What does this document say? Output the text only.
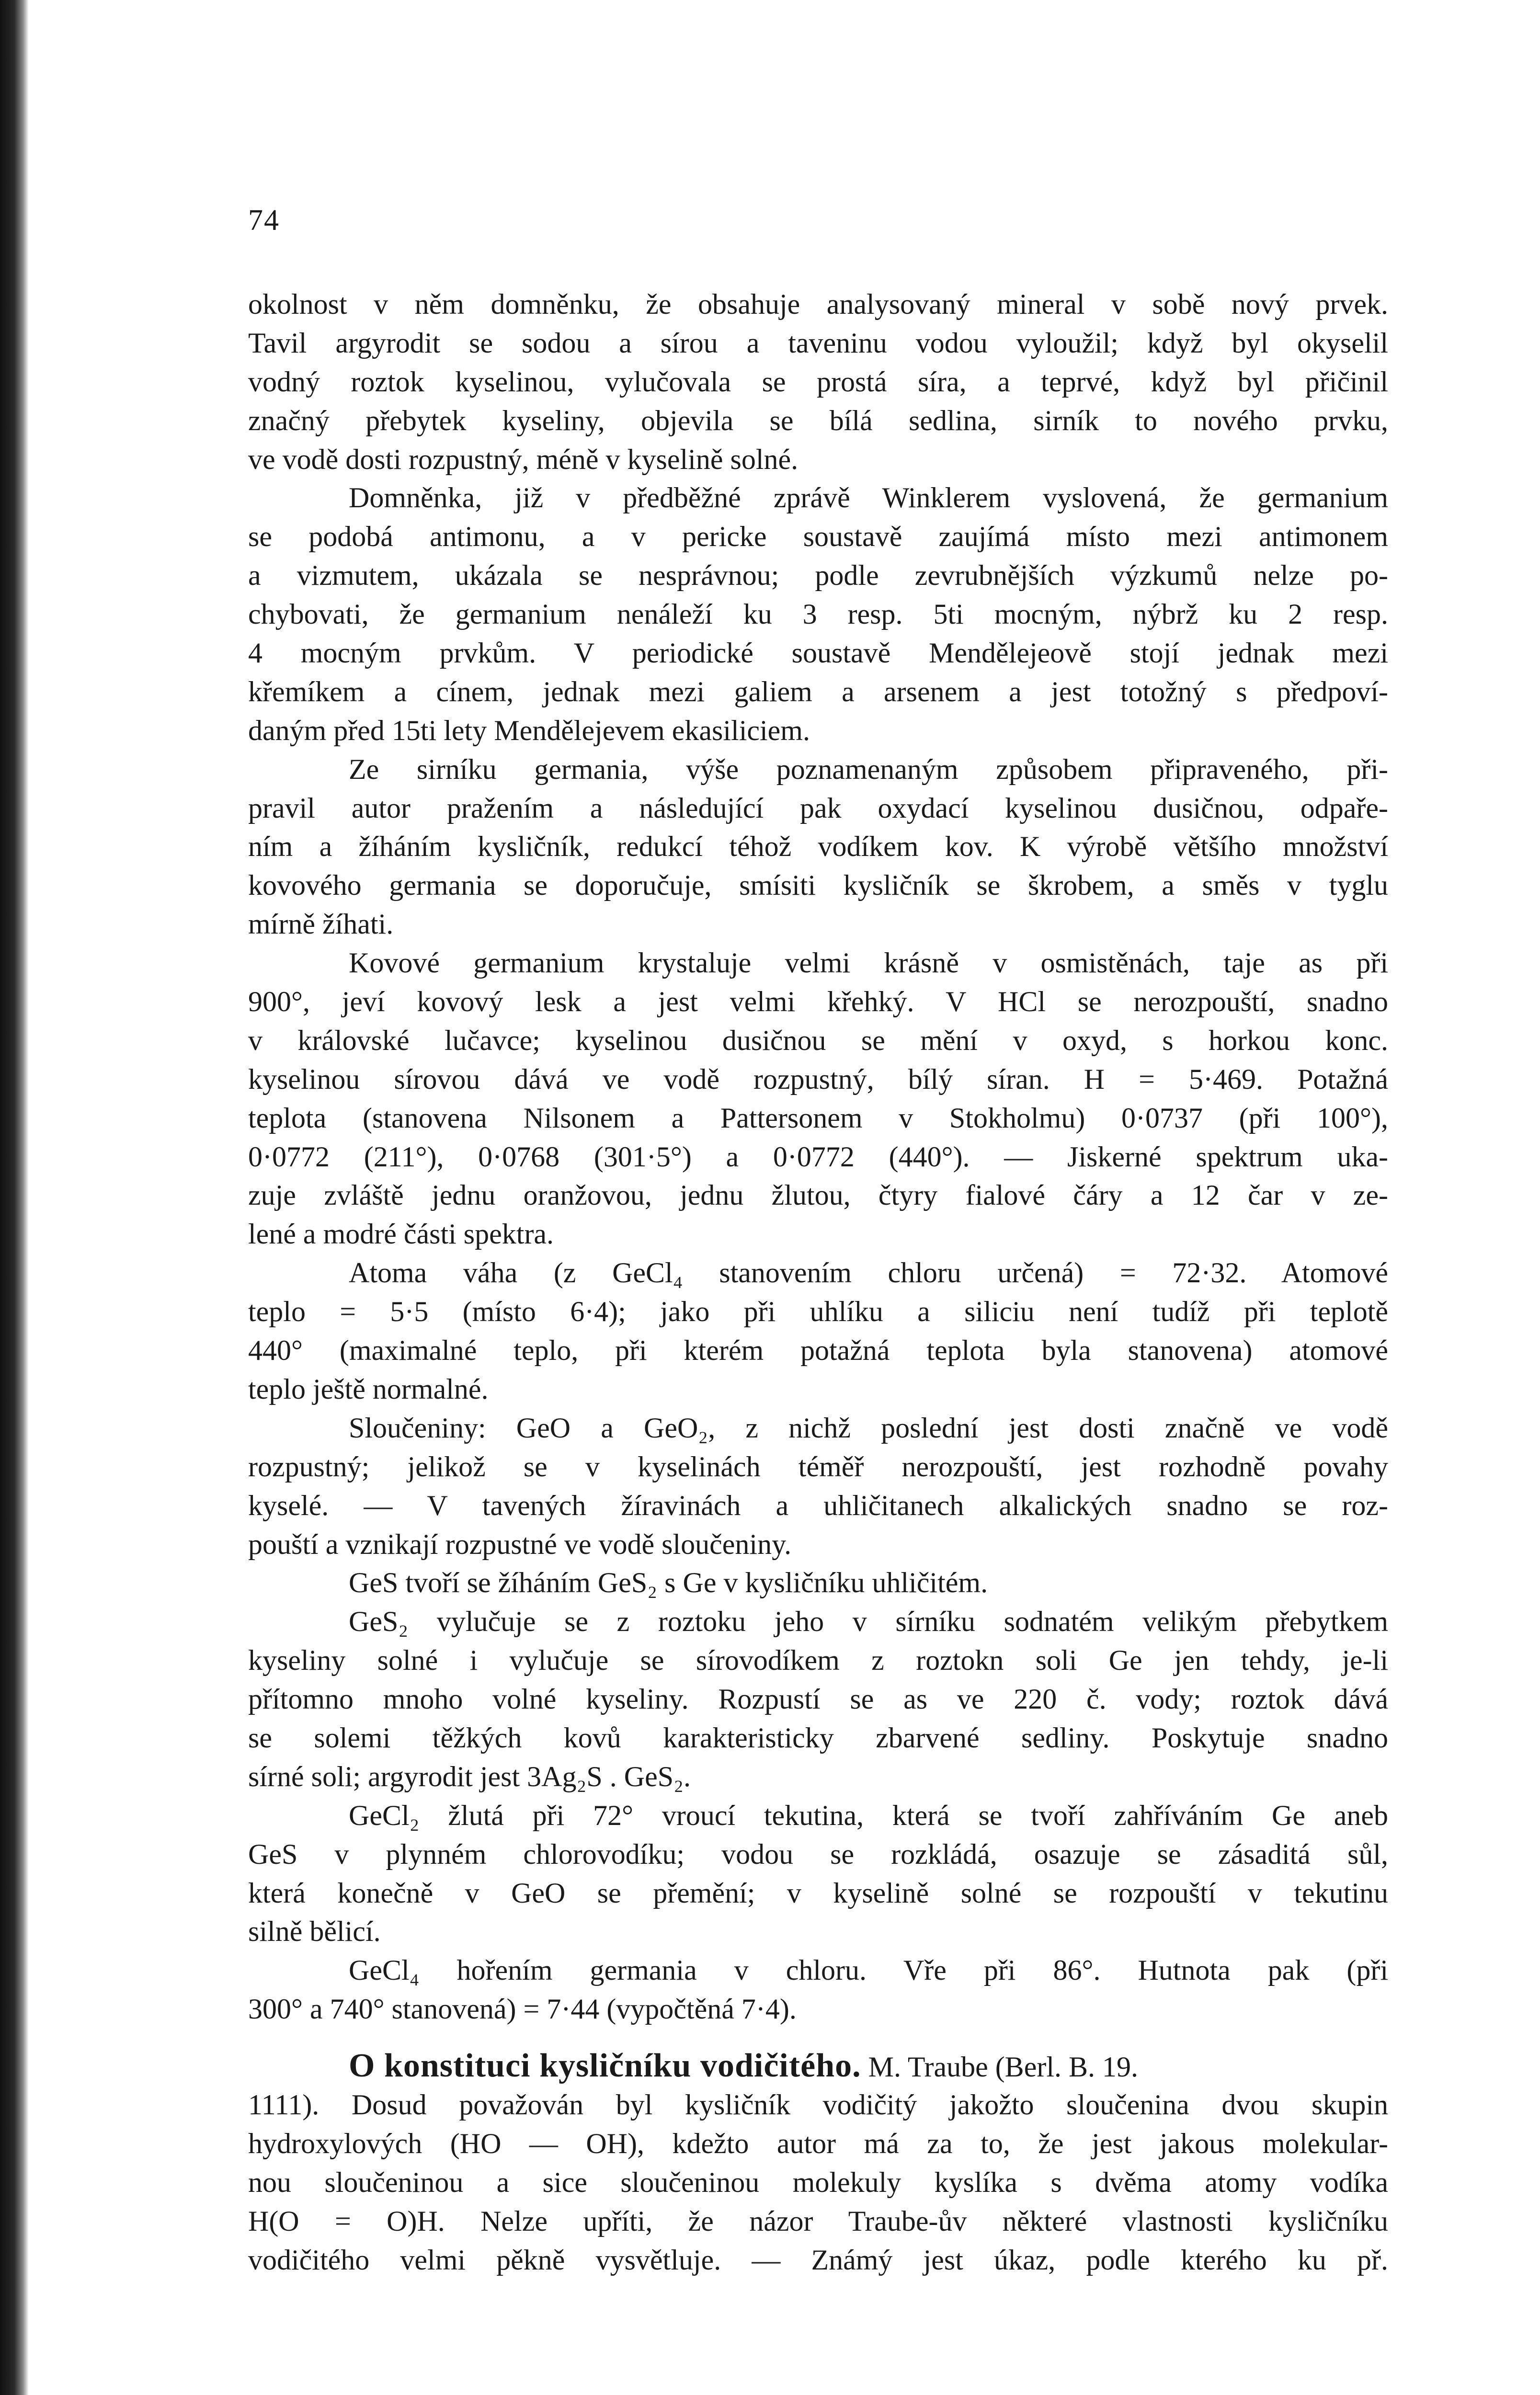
74
okolnost v něm domněnku, že obsahuje analysovaný mineral v sobě nový prvek.
Tavil argyrodit se sodou a sírou a taveninu vodou vyloužil; když byl okyselil
vodný roztok kyselinou, vylučovala se prostá síra, a teprvé, když byl přičinil
značný přebytek kyseliny, objevila se bílá sedlina, sirník to nového prvku,
ve vodě dosti rozpustný, méně v kyselině solné.
Domněnka, již v předběžné zprávě Winklerem vyslovená, že germanium
se podobá antimonu, a v pericke soustavě zaujímá místo mezi antimonem
a vizmutem, ukázala se nesprávnou; podle zevrubnějších výzkumů nelze po-
chybovati, že germanium nenáleží ku 3 resp. 5ti mocným, nýbrž ku 2 resp.
4 mocným prvkům. V periodické soustavě Mendělejeově stojí jednak mezi
křemíkem a cínem, jednak mezi galiem a arsenem a jest totožný s předpoví-
daným před 15ti lety Mendělejevem ekasiliciem.
Ze sirníku germania, výše poznamenaným způsobem připraveného, při-
pravil autor pražením a následující pak oxydací kyselinou dusičnou, odpaře-
ním a žíháním kysličník, redukcí téhož vodíkem kov. K výrobě většího množství
kovového germania se doporučuje, smísiti kysličník se škrobem, a směs v tyglu
mírně žíhati.
Kovové germanium krystaluje velmi krásně v osmistěnách, taje as při
900°, jeví kovový lesk a jest velmi křehký. V HCl se nerozpouští, snadno
v královské lučavce; kyselinou dusičnou se mění v oxyd, s horkou konc.
kyselinou sírovou dává ve vodě rozpustný, bílý síran. H = 5·469. Potažná
teplota (stanovena Nilsonem a Pattersonem v Stokholmu) 0·0737 (při 100°),
0·0772 (211°), 0·0768 (301·5°) a 0·0772 (440°). — Jiskerné spektrum uka-
zuje zvláště jednu oranžovou, jednu žlutou, čtyry fialové čáry a 12 čar v ze-
lené a modré části spektra.
Atoma váha (z GeCl₄ stanovením chloru určená) = 72·32. Atomové
teplo = 5·5 (místo 6·4); jako při uhlíku a siliciu není tudíž při teplotě
440° (maximalné teplo, při kterém potažná teplota byla stanovena) atomové
teplo ještě normalné.
Sloučeniny: GeO a GeO₂, z nichž poslední jest dosti značně ve vodě
rozpustný; jelikož se v kyselinách téměř nerozpouští, jest rozhodně povahy
kyselé. — V tavených žíravinách a uhličitanech alkalických snadno se roz-
pouští a vznikají rozpustné ve vodě sloučeniny.
GeS tvoří se žíháním GeS₂ s Ge v kysličníku uhličitém.
GeS₂ vylučuje se z roztoku jeho v sírníku sodnatém velikým přebytkem
kyseliny solné i vylučuje se sírovodíkem z roztokn soli Ge jen tehdy, je-li
přítomno mnoho volné kyseliny. Rozpustí se as ve 220 č. vody; roztok dává
se solemi těžkých kovů karakteristicky zbarvené sedliny. Poskytuje snadno
sírné soli; argyrodit jest 3Ag₂S . GeS₂.
GeCl₂ žlutá při 72° vroucí tekutina, která se tvoří zahříváním Ge aneb
GeS v plynném chlorovodíku; vodou se rozkládá, osazuje se zásaditá sůl,
která konečně v GeO se přemění; v kyselině solné se rozpouští v tekutinu
silně bělicí.
GeCl₄ hořením germania v chloru. Vře při 86°. Hutnota pak (při
300° a 740° stanovená) = 7·44 (vypočtěná 7·4).
O konstituci kysličníku vodičitého. M. Traube (Berl. B. 19.
1111). Dosud považován byl kysličník vodičitý jakožto sloučenina dvou skupin
hydroxylových (HO — OH), kdežto autor má za to, že jest jakous molekular-
nou sloučeninou a sice sloučeninou molekuly kyslíka s dvěma atomy vodíka
H(O = O)H. Nelze upříti, že názor Traube-ův některé vlastnosti kysličníku
vodičitého velmi pěkně vysvětluje. — Známý jest úkaz, podle kterého ku př.
